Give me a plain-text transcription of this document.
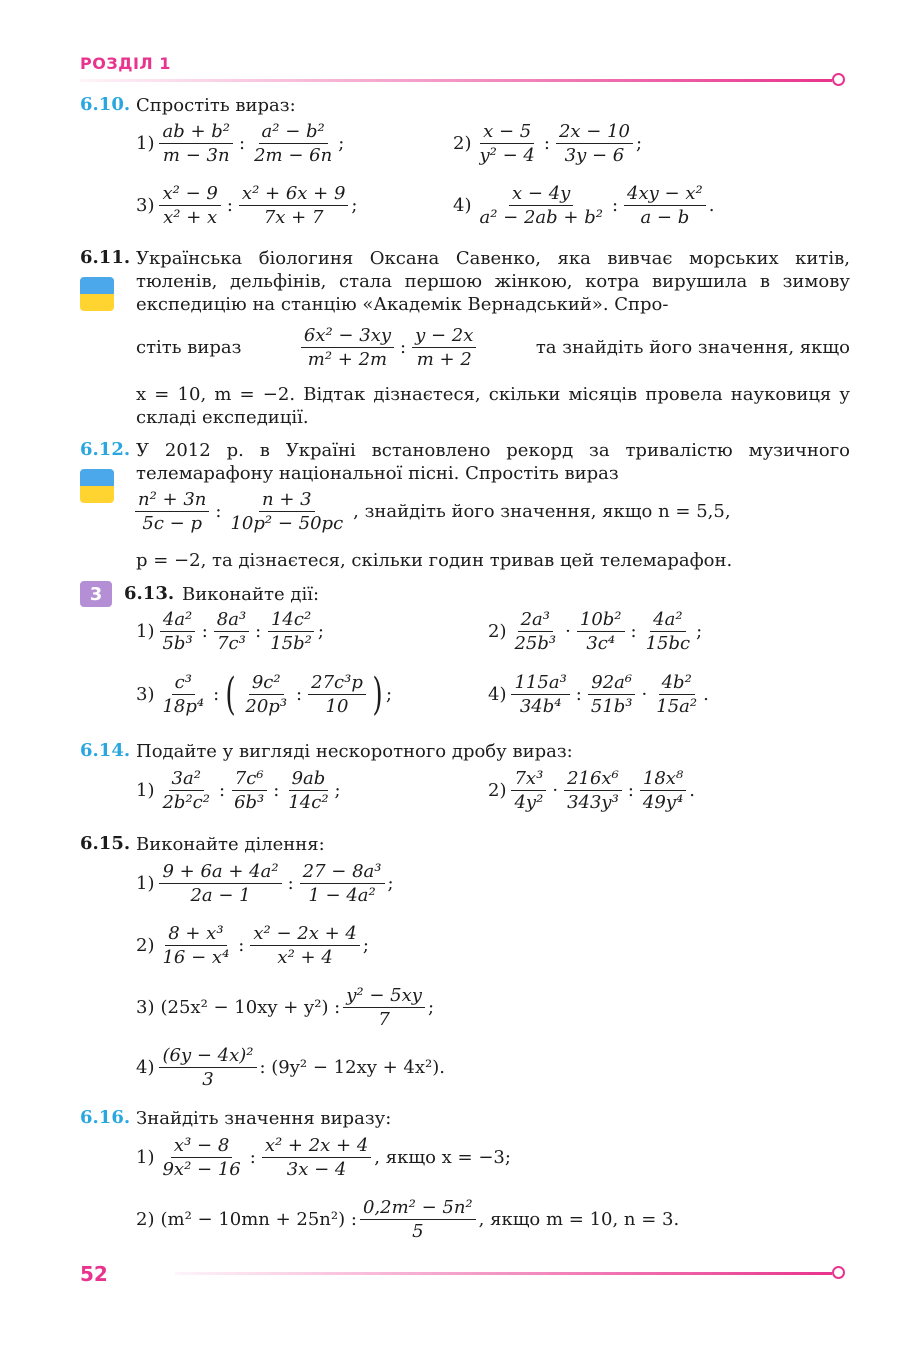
РОЗДІЛ 1
6.10. Спростіть вираз:
$1) \frac{\text{ab + b²}}{m - 3n}$ : $\frac{\text{a² − b²}}{2m - 6n}$ ;	$2) \frac{x - 5}{\text{y² − 4}}$ : $\frac{2x - 10}{3y - 6}$ ;
$3) \frac{\text{x² − 9}}{\text{x² + x}}$ : $\frac{\text{x² + 6x + 9}}{7x + 7}$ ;	$4) \frac{x - 4y}{\text{a² − 2ab + b²}}$ : $\frac{\text{4xy − x²}}{a - b}$ .
6.11. Українська біологиня Оксана Савенко, яка вивчає морських китів, тюленів, дельфінів, стала першою жінкою, котра вирушила в зимову експедицію на станцію «Академік Вернадський». Спро-
стіть вираз	$\frac{\text{6x² − 3xy}}{\text{m² + 2m}}$ : $\frac{y - 2x}{m + 2}$	та знайдіть його значення, якщо
x = 10, m = −2. Відтак дізнаєтеся, скільки місяців провела науковиця у складі експедиції.
6.12. У 2012 р. в Україні встановлено рекорд за тривалістю музичного телемарафону національної пісні. Спростіть вираз
$\frac{\text{n² + 3n}}{5c - p}$ : $\frac{n + 3}{\text{10p² − 50pc}}$ , знайдіть його значення, якщо n = 5,5,
p = −2, та дізнаєтеся, скільки годин тривав цей телемарафон.
3	6.13. Виконайте дії:
$1) \frac{\text{4a²}}{\text{5b³}}$ : $\frac{\text{8a³}}{\text{7c³}}$ : $\frac{\text{14c²}}{\text{15b²}}$ ;	$2) \frac{\text{2a³}}{\text{25b³}} \cdot \frac{\text{10b²}}{\text{3c⁴}}$ : $\frac{\text{4a²}}{15bc}$ ;
$3) \frac{\text{c³}}{\text{18p⁴}}$ : ( $\frac{\text{9c²}}{\text{20p³}}$ : $\frac{\text{27c³p}}{10}$ ) ;	$4) \frac{\text{115a³}}{\text{34b⁴}}$ : $\frac{\text{92a⁶}}{\text{51b³}} \cdot \frac{\text{4b²}}{\text{15a²}}$ .
6.14. Подайте у вигляді нескоротного дробу вираз:
$1) \frac{\text{3a²}}{\text{2b²c²}}$ : $\frac{\text{7c⁶}}{\text{6b³}}$ : $\frac{9ab}{\text{14c²}}$ ;	$2) \frac{\text{7x³}}{\text{4y²}} \cdot \frac{\text{216x⁶}}{\text{343y³}}$ : $\frac{\text{18x⁸}}{\text{49y⁴}}$ .
6.15. Виконайте ділення:
$1) \frac{\text{9 + 6a + 4a²}}{2a - 1}$ : $\frac{\text{27 − 8a³}}{\text{1 − 4a²}}$ ;
$2) \frac{\text{8 + x³}}{\text{16 − x⁴}}$ : $\frac{\text{x² − 2x + 4}}{\text{x² + 4}}$ ;
3) (25x² − 10xy + y²) : $\frac{\text{y² − 5xy}}{7}$ ;
$4) \frac{\text{(6y − 4x)²}}{3}$ : (9y² − 12xy + 4x²).
6.16. Знайдіть значення виразу:
$1) \frac{\text{x³ − 8}}{\text{9x² − 16}}$ : $\frac{\text{x² + 2x + 4}}{3x - 4}$ , якщо x = −3;
2) (m² − 10mn + 25n²) : $\frac{\text{0,2m² − 5n²}}{5}$ , якщо m = 10, n = 3.
52
